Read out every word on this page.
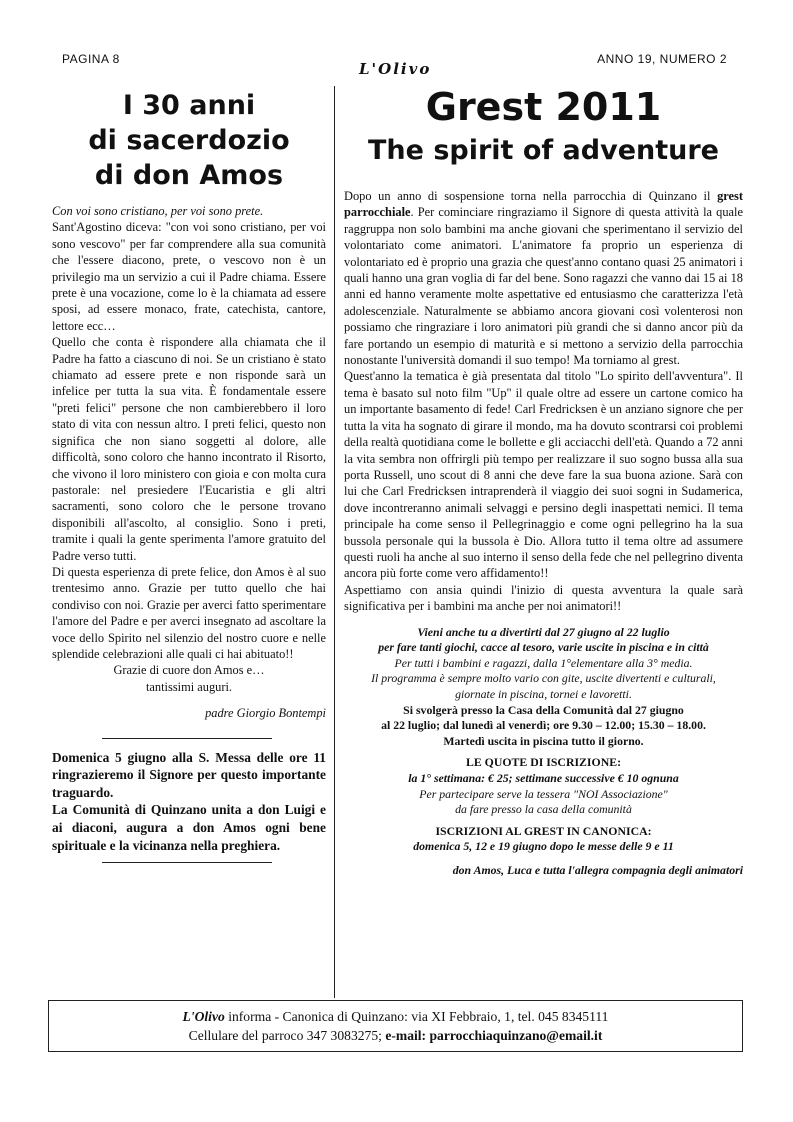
PAGINA 8
L'Olivo
ANNO 19, NUMERO 2
I 30 anni
di sacerdozio
di don Amos

Con voi sono cristiano, per voi sono prete.

Sant'Agostino diceva: "con voi sono cristiano, per voi sono vescovo" per far comprendere alla sua comunità che l'essere diacono, prete, o vescovo non è un privilegio ma un servizio a cui il Padre chiama. Essere prete è una vocazione, come lo è la chiamata ad essere sposi, ad essere monaco, frate, catechista, cantore, lettore ecc…

Quello che conta è rispondere alla chiamata che il Padre ha fatto a ciascuno di noi. Se un cristiano è stato chiamato ad essere prete e non risponde sarà un infelice per tutta la sua vita. È fondamentale essere "preti felici" persone che non cambierebbero il loro stato di vita con nessun altro. I preti felici, questo non significa che non siano soggetti al dolore, alle difficoltà, sono coloro che hanno incontrato il Risorto, che vivono il loro ministero con gioia e con molta cura pastorale: nel presiedere l'Eucaristia e gli altri sacramenti, sono coloro che le persone trovano disponibili all'ascolto, al consiglio. Sono i preti, tramite i quali la gente sperimenta l'amore gratuito del Padre verso tutti.

Di questa esperienza di prete felice, don Amos è al suo trentesimo anno. Grazie per tutto quello che hai condiviso con noi. Grazie per averci fatto sperimentare l'amore del Padre e per averci insegnato ad ascoltare la voce dello Spirito nel silenzio del nostro cuore e nelle splendide celebrazioni alle quali ci hai abituato!!

Grazie di cuore don Amos e…

tantissimi auguri.

padre Giorgio Bontempi

Domenica 5 giugno alla S. Messa delle ore 11 ringrazieremo il Signore per questo importante traguardo.

La Comunità di Quinzano unita a don Luigi e ai diaconi, augura a don Amos ogni bene spirituale e la vicinanza nella preghiera.

Grest 2011
The spirit of adventure

Dopo un anno di sospensione torna nella parrocchia di Quinzano il grest parrocchiale. Per cominciare ringraziamo il Signore di questa attività la quale raggruppa non solo bambini ma anche giovani che sperimentano il servizio del volontariato come animatori. L'animatore fa proprio un esperienza di volontariato ed è proprio una grazia che quest'anno contano quasi 25 animatori i quali hanno una gran voglia di far del bene. Sono ragazzi che vanno dai 15 ai 18 anni ed hanno veramente molte aspettative ed entusiasmo che caratterizza l'età adolescenziale. Naturalmente se abbiamo ancora giovani così volenterosi non possiamo che ringraziare i loro animatori più grandi che si danno ancor più da fare portando un esempio di maturità e si mettono a servizio della parrocchia nonostante l'università domandi il suo tempo! Ma torniamo al grest.

Quest'anno la tematica è già presentata dal titolo "Lo spirito dell'avventura". Il tema è basato sul noto film "Up" il quale oltre ad essere un cartone comico ha un importante basamento di fede! Carl Fredricksen è un anziano signore che per tutta la vita ha sognato di girare il mondo, ma ha dovuto scontrarsi coi problemi della realtà quotidiana come le bollette e gli acciacchi dell'età. Quando a 72 anni la vita sembra non offrirgli più tempo per realizzare il suo sogno bussa alla sua porta Russell, uno scout di 8 anni che deve fare la sua buona azione. Sarà con lui che Carl Fredricksen intraprenderà il viaggio dei suoi sogni in Sudamerica, dove incontreranno animali selvaggi e persino degli inaspettati nemici. Il tema principale ha come senso il Pellegrinaggio e come ogni pellegrino ha la sua bussola personale qui la bussola è Dio. Allora tutto il tema oltre ad assumere questi ruoli ha anche al suo interno il senso della fede che nel pellegrino diventa ancora più forte come vero affidamento!!

Aspettiamo con ansia quindi l'inizio di questa avventura la quale sarà significativa per i bambini ma anche per noi animatori!!

Vieni anche tu a divertirti dal 27 giugno al 22 luglio

per fare tanti giochi, cacce al tesoro, varie uscite in piscina e in città

Per tutti i bambini e ragazzi, dalla 1°elementare alla 3° media.

Il programma è sempre molto vario con gite, uscite divertenti e culturali,

giornate in piscina, tornei e lavoretti.

Si svolgerà presso la Casa della Comunità dal 27 giugno

al 22 luglio; dal lunedì al venerdì; ore 9.30 – 12.00; 15.30 – 18.00.

Martedì uscita in piscina tutto il giorno.

LE QUOTE DI ISCRIZIONE:

la 1° settimana: € 25; settimane successive € 10 ognuna

Per partecipare serve la tessera "NOI Associazione"

da fare presso la casa della comunità

ISCRIZIONI AL GREST IN CANONICA:

domenica 5, 12 e 19 giugno dopo le messe delle 9 e 11

don Amos, Luca e tutta l'allegra compagnia degli animatori

L'Olivo informa - Canonica di Quinzano: via XI Febbraio, 1, tel. 045 8345111
Cellulare del parroco 347 3083275; e-mail: parrocchiaquinzano@email.it
